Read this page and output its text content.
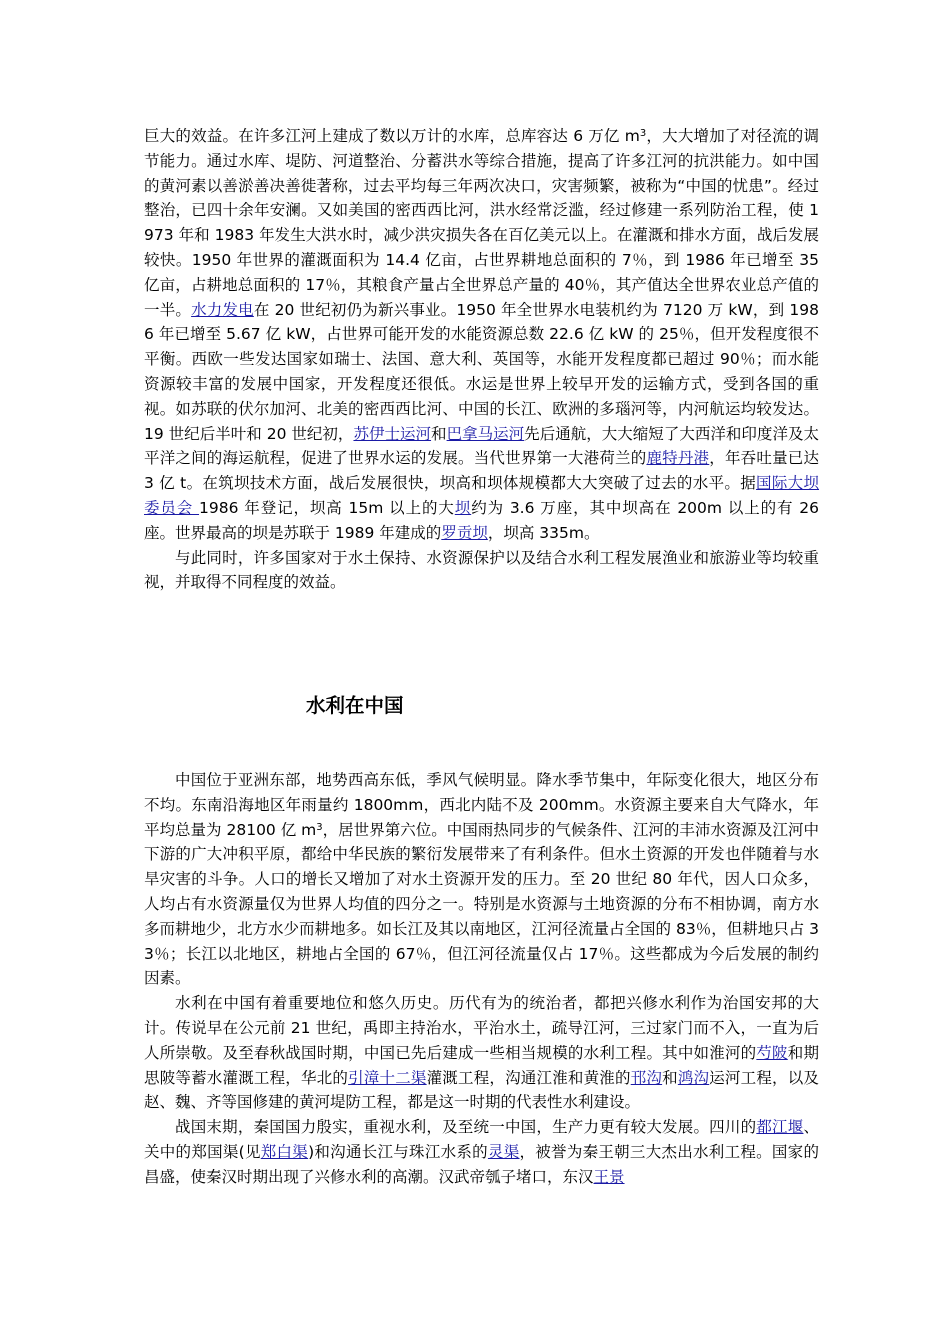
巨大的效益。在许多江河上建成了数以万计的水库，总库容达 6 万亿 $m^3$，大大增加了对径流的调节能力。通过水库、堤防、河道整治、分蓄洪水等综合措施，提高了许多江河的抗洪能力。如中国的黄河素以善淤善决善徙著称，过去平均每三年两次决口，灾害频繁，被称为“中国的忧患”。经过整治，已四十余年安澜。又如美国的密西西比河，洪水经常泛滥，经过修建一系列防治工程，使 1973 年和 1983 年发生大洪水时，减少洪灾损失各在百亿美元以上。在灌溉和排水方面，战后发展较快。1950 年世界的灌溉面积为 14.4 亿亩，占世界耕地总面积的 7％，到 1986 年已增至 35 亿亩，占耕地总面积的 17％，其粮食产量占全世界总产量的 40％，其产值达全世界农业总产值的一半。水力发电在 20 世纪初仍为新兴事业。1950 年全世界水电装机约为 7120 万 kW，到 1986 年已增至 5.67 亿 kW，占世界可能开发的水能资源总数 22.6 亿 kW 的 25％，但开发程度很不平衡。西欧一些发达国家如瑞士、法国、意大利、英国等，水能开发程度都已超过 90％；而水能资源较丰富的发展中国家，开发程度还很低。水运是世界上较早开发的运输方式，受到各国的重视。如苏联的伏尔加河、北美的密西西比河、中国的长江、欧洲的多瑙河等，内河航运均较发达。19 世纪后半叶和 20 世纪初，苏伊士运河和巴拿马运河先后通航，大大缩短了大西洋和印度洋及太平洋之间的海运航程，促进了世界水运的发展。当代世界第一大港荷兰的鹿特丹港，年吞吐量已达 3 亿 t。在筑坝技术方面，战后发展很快，坝高和坝体规模都大大突破了过去的水平。据国际大坝委员会 1986 年登记，坝高 15m 以上的大坝约为 3.6 万座，其中坝高在 200m 以上的有 26 座。世界最高的坝是苏联于 1989 年建成的罗贡坝，坝高 335m。

与此同时，许多国家对于水土保持、水资源保护以及结合水利工程发展渔业和旅游业等均较重视，并取得不同程度的效益。

水利在中国

中国位于亚洲东部，地势西高东低，季风气候明显。降水季节集中，年际变化很大，地区分布不均。东南沿海地区年雨量约 1800mm，西北内陆不及 200mm。水资源主要来自大气降水，年平均总量为 28100 亿 $m^3$，居世界第六位。中国雨热同步的气候条件、江河的丰沛水资源及江河中下游的广大冲积平原，都给中华民族的繁衍发展带来了有利条件。但水土资源的开发也伴随着与水旱灾害的斗争。人口的增长又增加了对水土资源开发的压力。至 20 世纪 80 年代，因人口众多，人均占有水资源量仅为世界人均值的四分之一。特别是水资源与土地资源的分布不相协调，南方水多而耕地少，北方水少而耕地多。如长江及其以南地区，江河径流量占全国的 83％，但耕地只占 33％；长江以北地区，耕地占全国的 67％，但江河径流量仅占 17％。这些都成为今后发展的制约因素。

水利在中国有着重要地位和悠久历史。历代有为的统治者，都把兴修水利作为治国安邦的大计。传说早在公元前 21 世纪，禹即主持治水，平治水土，疏导江河，三过家门而不入，一直为后人所崇敬。及至春秋战国时期，中国已先后建成一些相当规模的水利工程。其中如淮河的芍陂和期思陂等蓄水灌溉工程，华北的引漳十二渠灌溉工程，沟通江淮和黄淮的邗沟和鸿沟运河工程，以及赵、魏、齐等国修建的黄河堤防工程，都是这一时期的代表性水利建设。

战国末期，秦国国力殷实，重视水利，及至统一中国，生产力更有较大发展。四川的都江堰、关中的郑国渠(见郑白渠)和沟通长江与珠江水系的灵渠，被誉为秦王朝三大杰出水利工程。国家的昌盛，使秦汉时期出现了兴修水利的高潮。汉武帝瓠子堵口，东汉王景
